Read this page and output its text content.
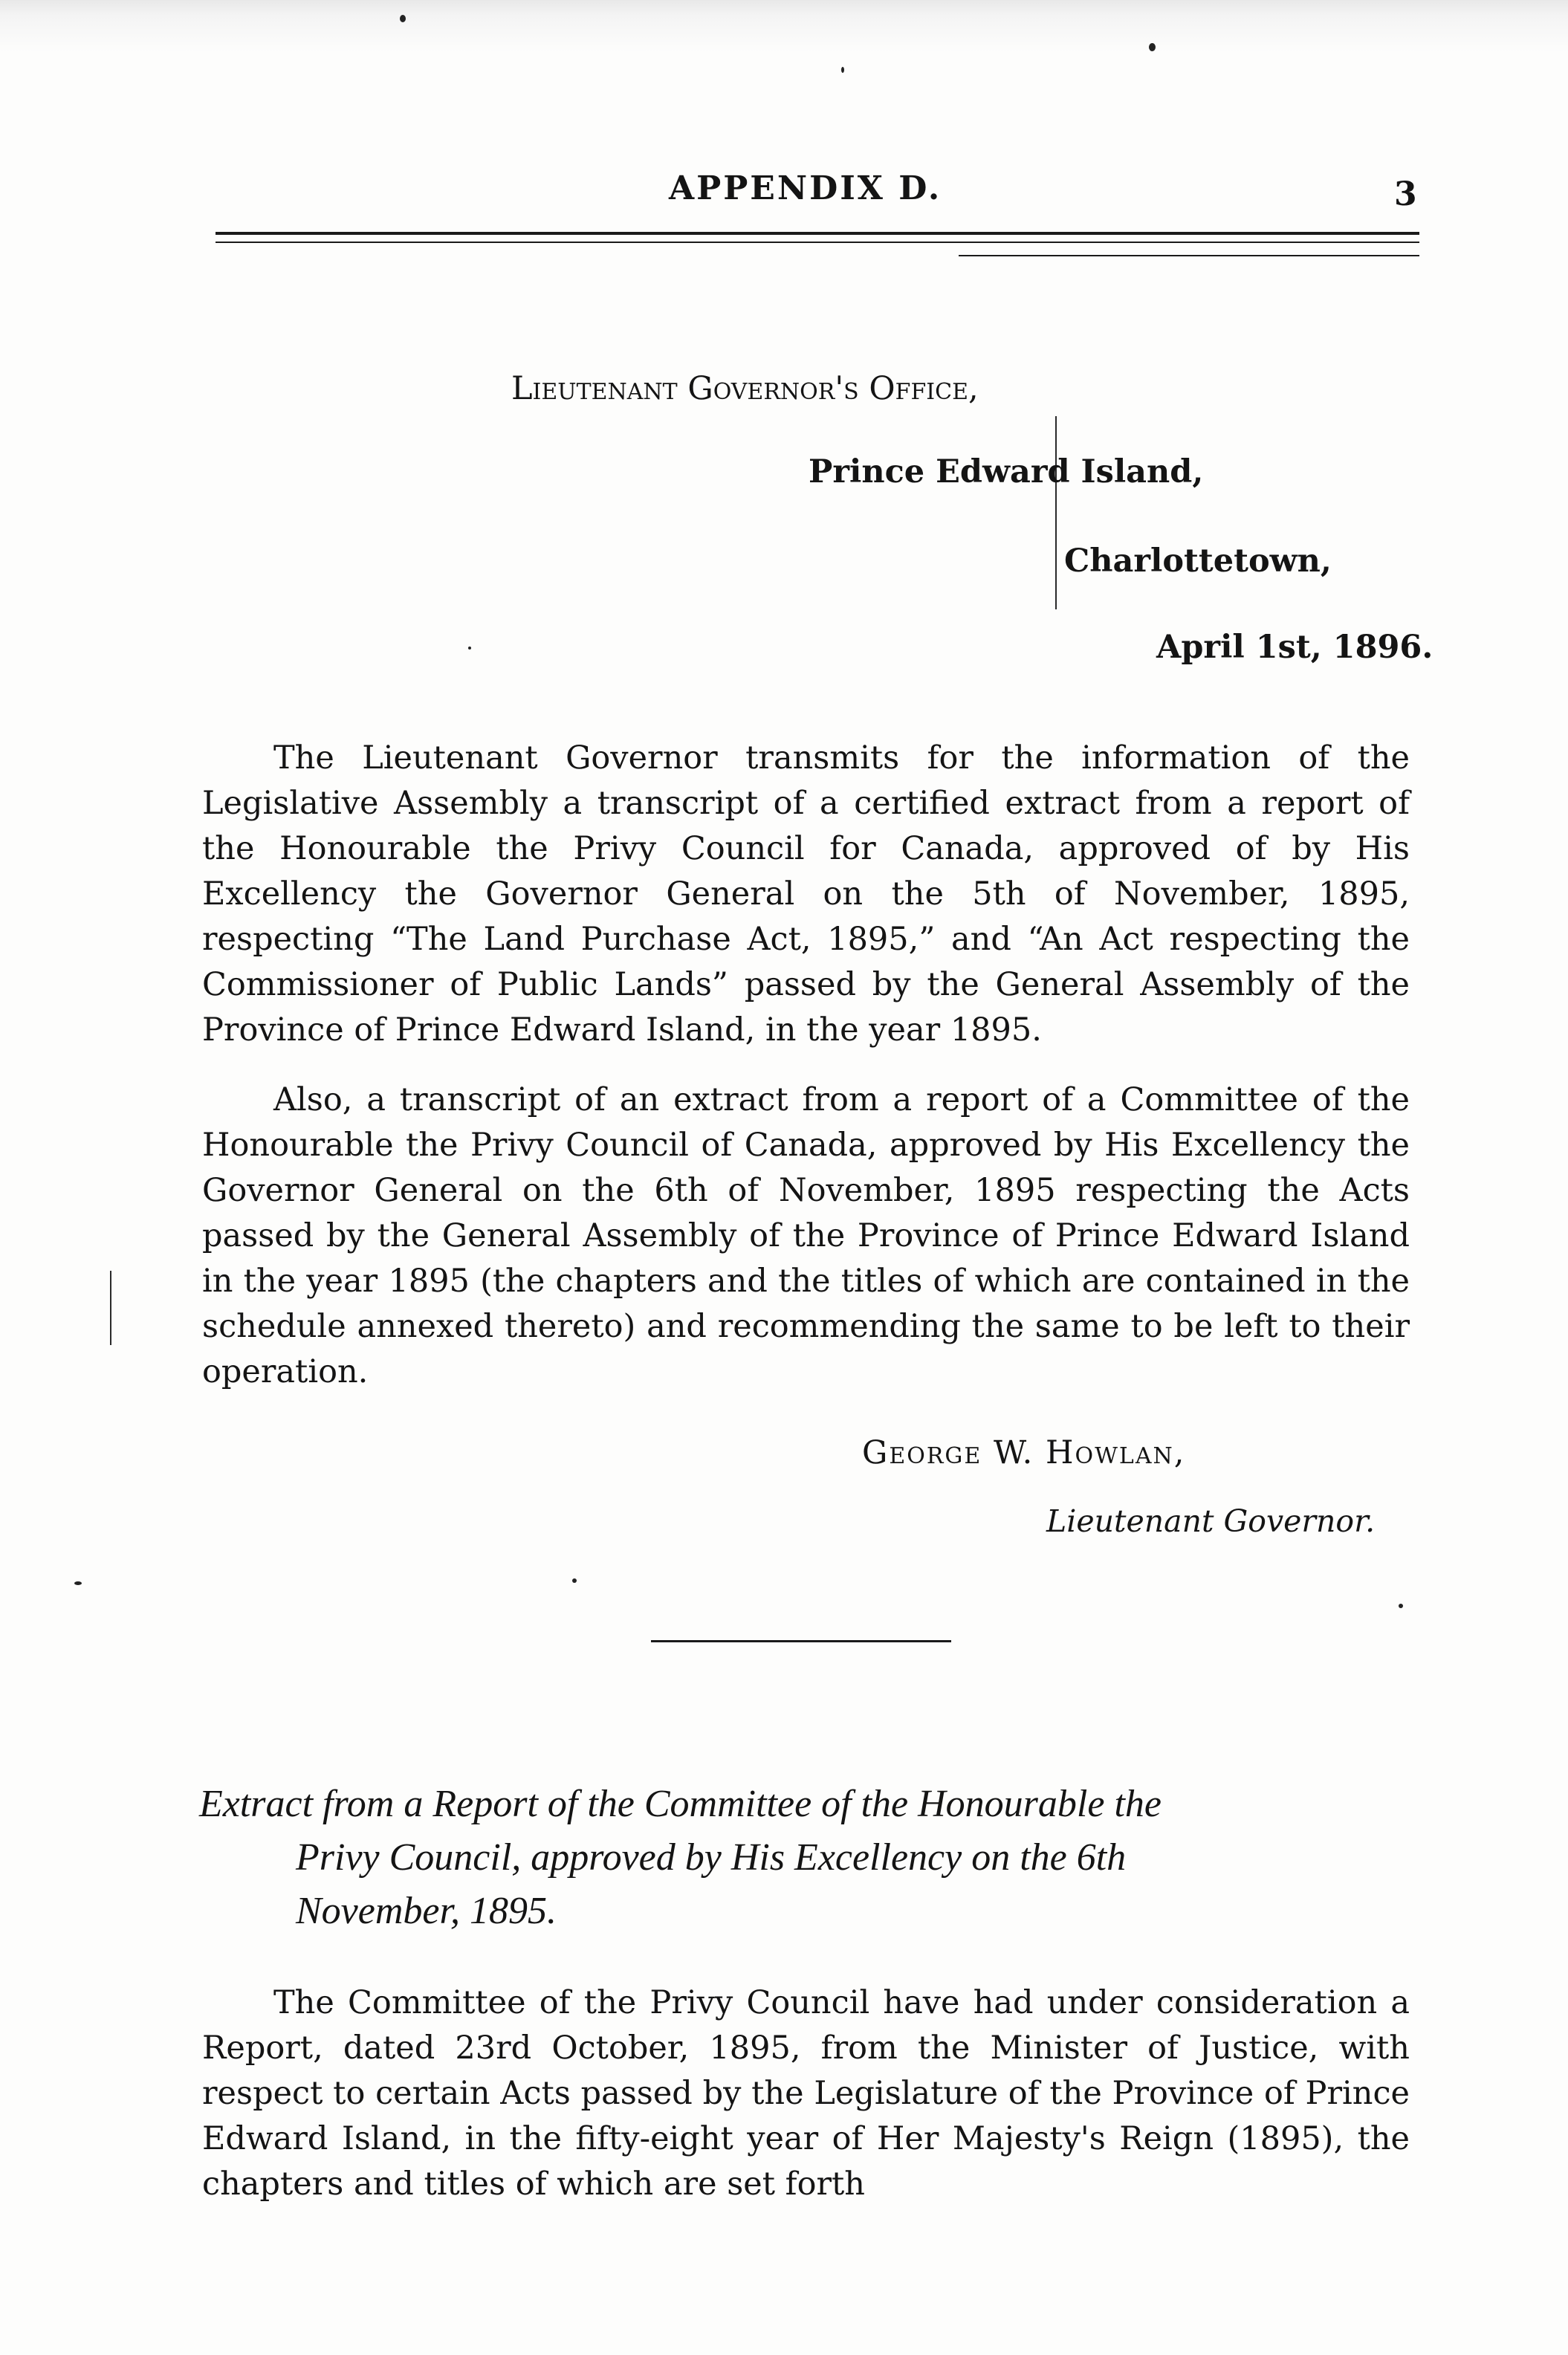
APPENDIX D.	3
Lieutenant Governor's Office,
Prince Edward Island,
Charlottetown,
April 1st, 1896.

The Lieutenant Governor transmits for the information of the Legislative Assembly a transcript of a certified extract from a report of the Honourable the Privy Council for Canada, approved of by His Excellency the Governor General on the 5th of November, 1895, respecting “The Land Purchase Act, 1895,” and “An Act respecting the Commissioner of Public Lands” passed by the General Assembly of the Province of Prince Edward Island, in the year 1895.

Also, a transcript of an extract from a report of a Committee of the Honourable the Privy Council of Canada, approved by His Excellency the Governor General on the 6th of November, 1895 respecting the Acts passed by the General Assembly of the Province of Prince Edward Island in the year 1895 (the chapters and the titles of which are contained in the schedule annexed thereto) and recommending the same to be left to their operation.

George W. Howlan,
Lieutenant Governor.
Extract from a Report of the Committee of the Honourable the
Privy Council, approved by His Excellency on the 6th
November, 1895.

The Committee of the Privy Council have had under consideration a Report, dated 23rd October, 1895, from the Minister of Justice, with respect to certain Acts passed by the Legislature of the Province of Prince Edward Island, in the fifty-eight year of Her Majesty's Reign (1895), the chapters and titles of which are set forth
